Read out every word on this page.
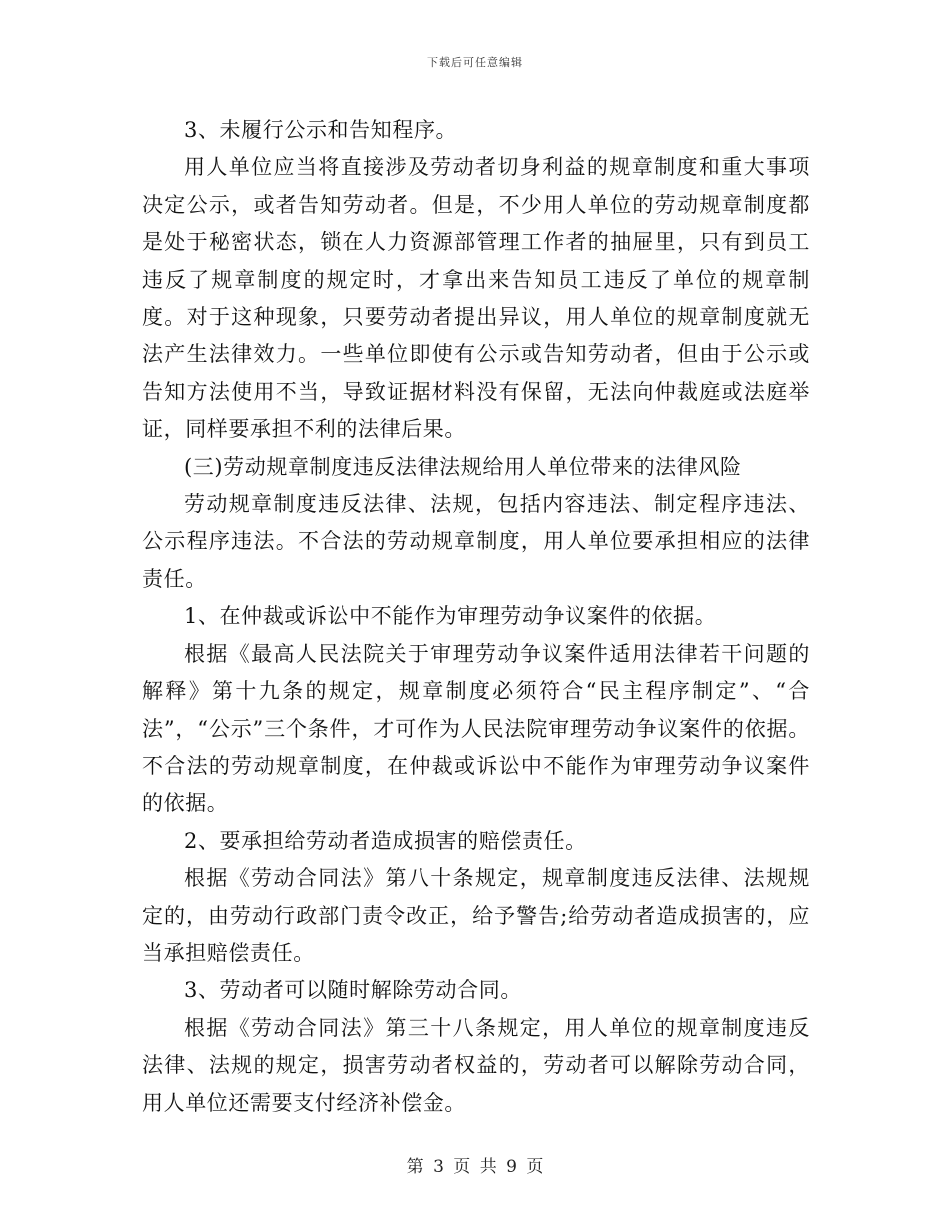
下载后可任意编辑

3、未履行公示和告知程序。

用人单位应当将直接涉及劳动者切身利益的规章制度和重大事项决定公示，或者告知劳动者。但是，不少用人单位的劳动规章制度都是处于秘密状态，锁在人力资源部管理工作者的抽屉里，只有到员工违反了规章制度的规定时，才拿出来告知员工违反了单位的规章制度。对于这种现象，只要劳动者提出异议，用人单位的规章制度就无法产生法律效力。一些单位即使有公示或告知劳动者，但由于公示或告知方法使用不当，导致证据材料没有保留，无法向仲裁庭或法庭举证，同样要承担不利的法律后果。

(三)劳动规章制度违反法律法规给用人单位带来的法律风险

劳动规章制度违反法律、法规，包括内容违法、制定程序违法、公示程序违法。不合法的劳动规章制度，用人单位要承担相应的法律责任。

1、在仲裁或诉讼中不能作为审理劳动争议案件的依据。

根据《最高人民法院关于审理劳动争议案件适用法律若干问题的解释》第十九条的规定，规章制度必须符合“民主程序制定”、“合法”，“公示”三个条件，才可作为人民法院审理劳动争议案件的依据。不合法的劳动规章制度，在仲裁或诉讼中不能作为审理劳动争议案件的依据。

2、要承担给劳动者造成损害的赔偿责任。

根据《劳动合同法》第八十条规定，规章制度违反法律、法规规定的，由劳动行政部门责令改正，给予警告;给劳动者造成损害的，应当承担赔偿责任。

3、劳动者可以随时解除劳动合同。

根据《劳动合同法》第三十八条规定，用人单位的规章制度违反法律、法规的规定，损害劳动者权益的，劳动者可以解除劳动合同，用人单位还需要支付经济补偿金。

第 3 页 共 9 页
